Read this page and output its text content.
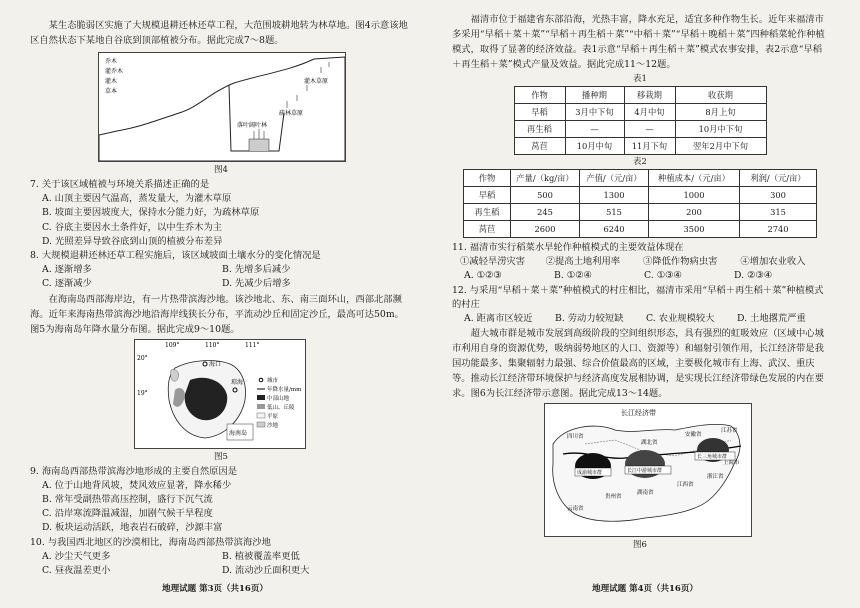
某生态脆弱区实施了大规模退耕还林还草工程，大范围坡耕地转为林草地。图4示意该地区自然状态下某地自谷底到顶部植被分布。据此完成7～8题。

乔木
灌乔木
灌木
草本
灌木草原
疏林草原
落叶阔叶林

图4

7. 关于该区域植被与环境关系描述正确的是

A. 山顶主要因气温高，蒸发量大，为灌木草原

B. 坡面主要因坡度大，保持水分能力好，为疏林草原

C. 谷底主要因水土条件好，以中生乔木为主

D. 光照差异导致谷底到山顶的植被分布差异

8. 大规模退耕还林还草工程实施后，该区域坡面土壤水分的变化情况是

A. 逐渐增多	B. 先增多后减少
C. 逐渐减少	D. 先减少后增多

在海南岛西部海岸边，有一片热带滨海沙地。该沙地北、东、南三面环山，西部北部濒海。近年来海南热带滨海沙地沿海岸线狭长分布，平流动沙丘和固定沙丘，最高可达50m。图5为海南岛年降水量分布图。据此完成9～10题。

109°	110°	111°
20°
19°
海口
琼海
海南岛
城市
年降水量/mm
中部山地
低山、丘陵
平原
沙地

图5

9. 海南岛西部热带滨海沙地形成的主要自然原因是

A. 位于山地背风坡，焚风效应显著，降水稀少

B. 常年受副热带高压控制，盛行下沉气流

C. 沿岸寒流降温减湿，加剧气候干旱程度

D. 板块运动活跃，地表岩石破碎，沙源丰富

10. 与我国西北地区的沙漠相比，海南岛西部热带滨海沙地

A. 沙尘天气更多	B. 植被覆盖率更低
C. 昼夜温差更小	D. 流动沙丘面积更大
地理试题 第3页（共16页）

福清市位于福建省东部沿海，光热丰富，降水充足，适宜多种作物生长。近年来福清市多采用“早稻＋菜＋菜”“早稻＋再生稻＋菜”“中稻＋菜”“早稻＋晚稻＋菜”四种稻菜轮作种植模式，取得了显著的经济效益。表1示意“早稻＋再生稻＋菜”模式农事安排，表2示意“早稻＋再生稻＋菜”模式产量及效益。据此完成11～12题。

表1

作物	播种期	移栽期	收获期
早稻	3月中下旬	4月中旬	8月上旬
再生稻	—	—	10月中下旬
莴苣	10月中旬	11月下旬	翌年2月中下旬

表2

作物	产量/（kg/亩）	产值/（元/亩）	种植成本/（元/亩）	利润/（元/亩）
早稻	500	1300	1000	300
再生稻	245	515	200	315
莴苣	2600	6240	3500	2740

11. 福清市实行稻菜水旱轮作种植模式的主要效益体现在

①减轻旱涝灾害	②提高土地利用率	③降低作物病虫害	④增加农业收入
A. ①②③	B. ①②④	C. ①③④	D. ②③④

12. 与采用“早稻＋菜＋菜”种植模式的村庄相比，福清市采用“早稻＋再生稻＋菜”种植模式的村庄

A. 距离市区较近	B. 劳动力较短缺	C. 农业规模较大	D. 土地撂荒严重

超大城市群是城市发展到高级阶段的空间组织形态，具有强烈的虹吸效应（区域中心城市利用自身的资源优势，吸纳弱势地区的人口、资源等）和辐射引领作用，长江经济带是我国功能最多、集聚辐射力最强、综合价值最高的区域，主要极化城市有上海、武汉、重庆等。推动长江经济带环境保护与经济高度发展相协调，是实现长江经济带绿色发展的内在要求。图6为长江经济带示意图。据此完成13～14题。

长江经济带
四川省
重庆市
湖北省
安徽省
江苏省
上海市
浙江省
江西省
湖南省
贵州省
云南省
成渝城市群	长江中游城市群
长三角城市群

图6

地理试题 第4页（共16页）
